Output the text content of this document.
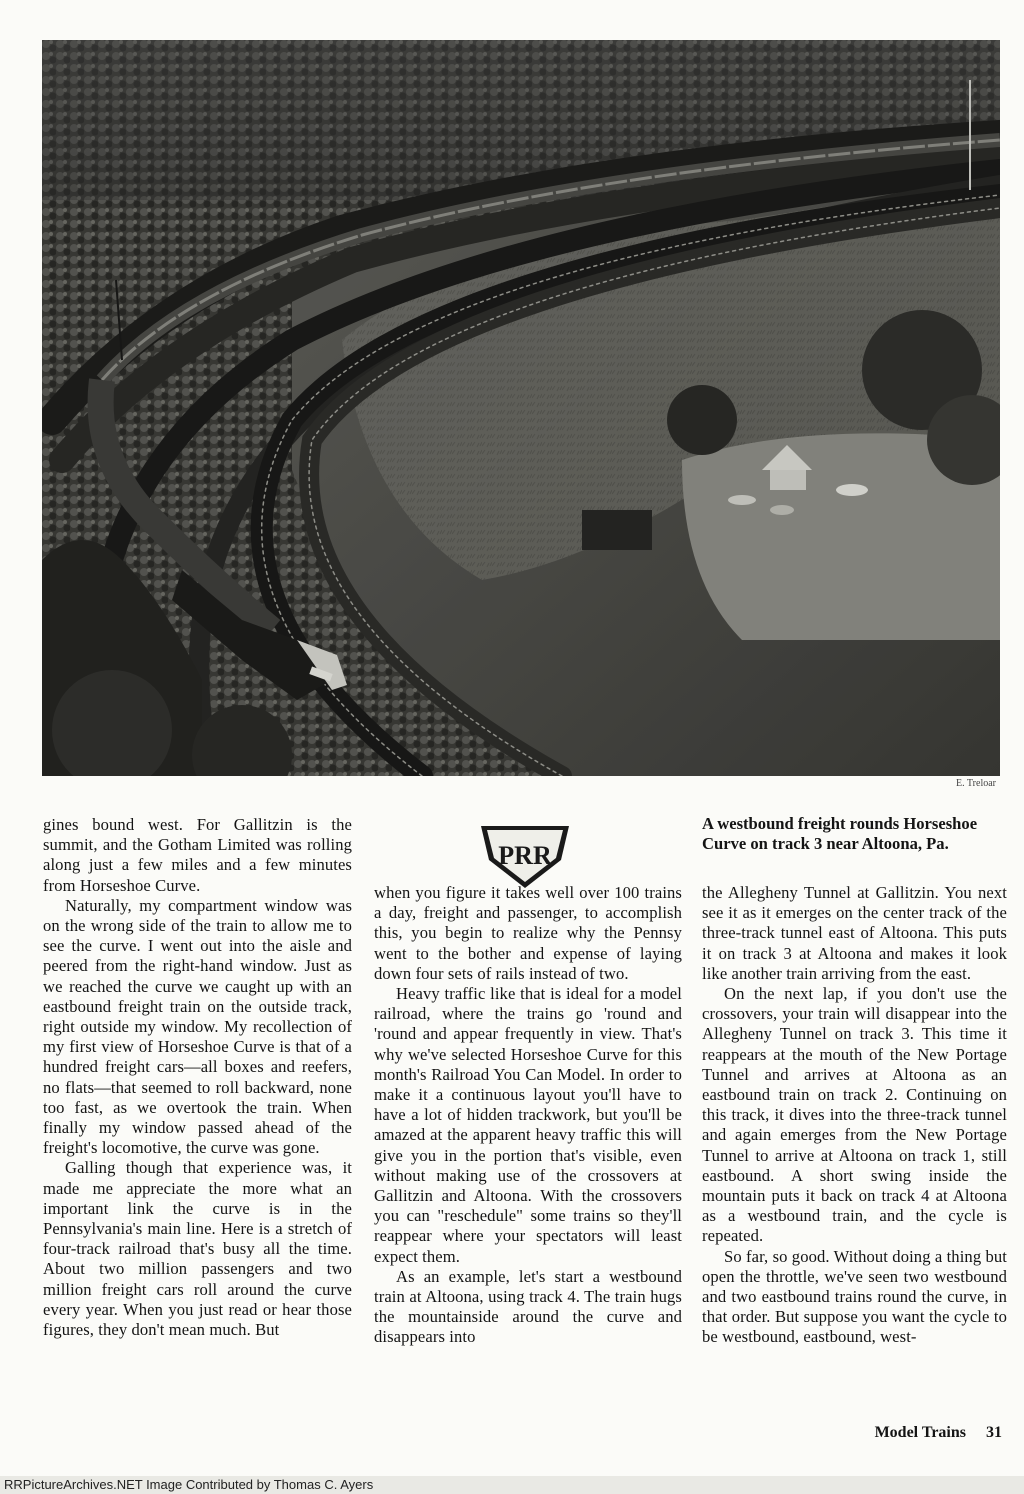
E. Treloar
PRR
A westbound freight rounds Horseshoe Curve on track 3 near Altoona, Pa.

gines bound west. For Gallitzin is the summit, and the Gotham Limited was rolling along just a few miles and a few minutes from Horseshoe Curve.

Naturally, my compartment window was on the wrong side of the train to allow me to see the curve. I went out into the aisle and peered from the right-hand window. Just as we reached the curve we caught up with an eastbound freight train on the outside track, right outside my window. My recollection of my first view of Horseshoe Curve is that of a hundred freight cars—all boxes and reefers, no flats—that seemed to roll backward, none too fast, as we overtook the train. When finally my window passed ahead of the freight's locomotive, the curve was gone.

Galling though that experience was, it made me appreciate the more what an important link the curve is in the Pennsylvania's main line. Here is a stretch of four-track railroad that's busy all the time. About two million passengers and two million freight cars roll around the curve every year. When you just read or hear those figures, they don't mean much. But

when you figure it takes well over 100 trains a day, freight and passenger, to accomplish this, you begin to realize why the Pennsy went to the bother and expense of laying down four sets of rails instead of two.

Heavy traffic like that is ideal for a model railroad, where the trains go 'round and 'round and appear frequently in view. That's why we've selected Horseshoe Curve for this month's Railroad You Can Model. In order to make it a continuous layout you'll have to have a lot of hidden trackwork, but you'll be amazed at the apparent heavy traffic this will give you in the portion that's visible, even without making use of the crossovers at Gallitzin and Altoona. With the crossovers you can "reschedule" some trains so they'll reappear where your spectators will least expect them.

As an example, let's start a westbound train at Altoona, using track 4. The train hugs the mountainside around the curve and disappears into

the Allegheny Tunnel at Gallitzin. You next see it as it emerges on the center track of the three-track tunnel east of Altoona. This puts it on track 3 at Altoona and makes it look like another train arriving from the east.

On the next lap, if you don't use the crossovers, your train will disappear into the Allegheny Tunnel on track 3. This time it reappears at the mouth of the New Portage Tunnel and arrives at Altoona as an eastbound train on track 2. Continuing on this track, it dives into the three-track tunnel and again emerges from the New Portage Tunnel to arrive at Altoona on track 1, still eastbound. A short swing inside the mountain puts it back on track 4 at Altoona as a westbound train, and the cycle is repeated.

So far, so good. Without doing a thing but open the throttle, we've seen two westbound and two eastbound trains round the curve, in that order. But suppose you want the cycle to be westbound, eastbound, west-

Model Trains 31
RRPictureArchives.NET Image Contributed by Thomas C. Ayers
